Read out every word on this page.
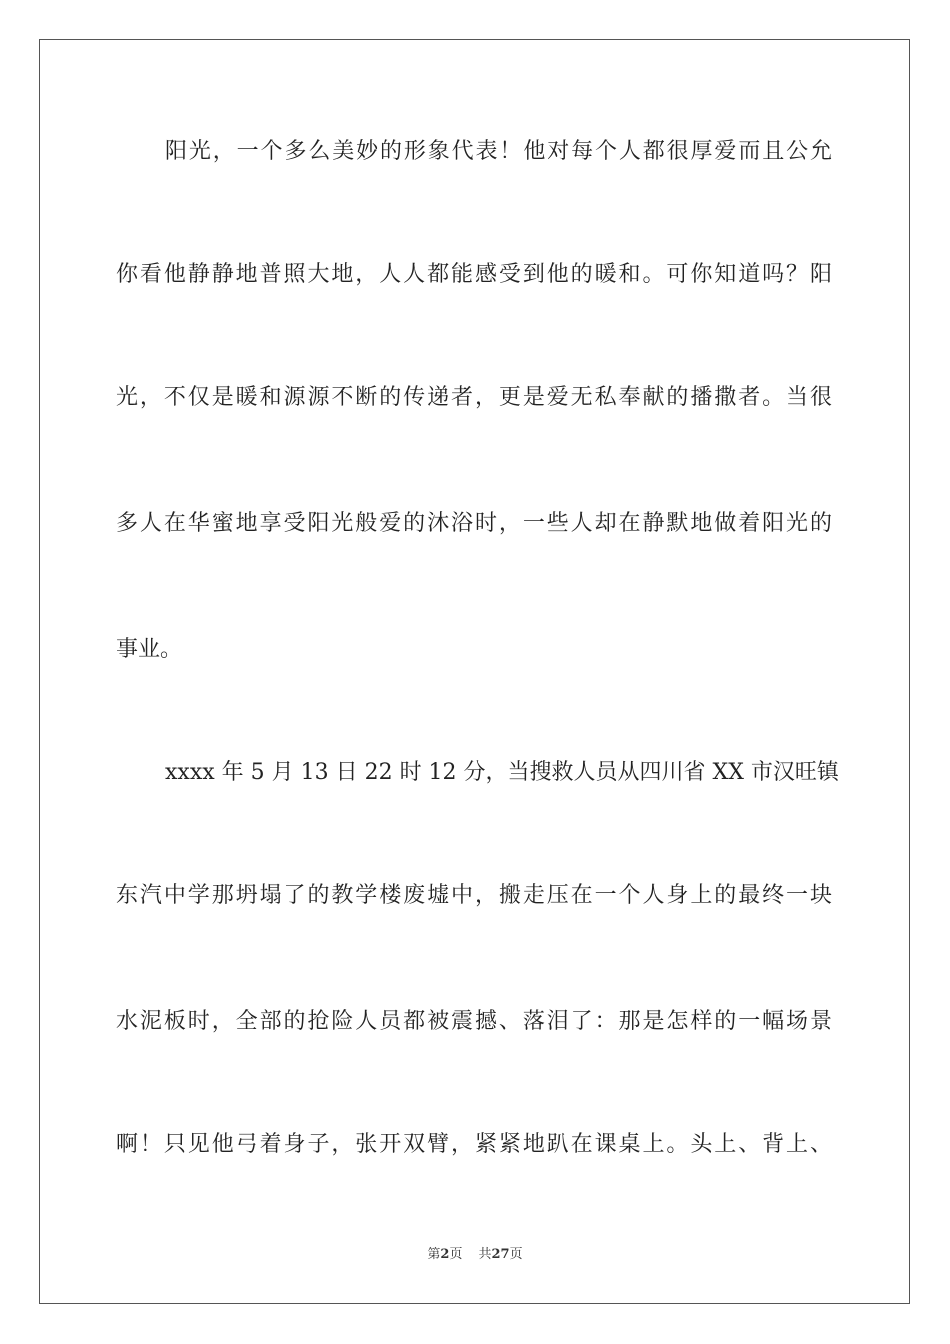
阳光，一个多么美妙的形象代表！他对每个人都很厚爱而且公允
你看他静静地普照大地，人人都能感受到他的暖和。可你知道吗？阳
光，不仅是暖和源源不断的传递者，更是爱无私奉献的播撒者。当很
多人在华蜜地享受阳光般爱的沐浴时，一些人却在静默地做着阳光的
事业。
xxxx 年 5 月 13 日 22 时 12 分，当搜救人员从四川省 XX 市汉旺镇
东汽中学那坍塌了的教学楼废墟中，搬走压在一个人身上的最终一块
水泥板时，全部的抢险人员都被震撼、落泪了：那是怎样的一幅场景
啊！只见他弓着身子，张开双臂，紧紧地趴在课桌上。头上、背上、
第2页 共27页
